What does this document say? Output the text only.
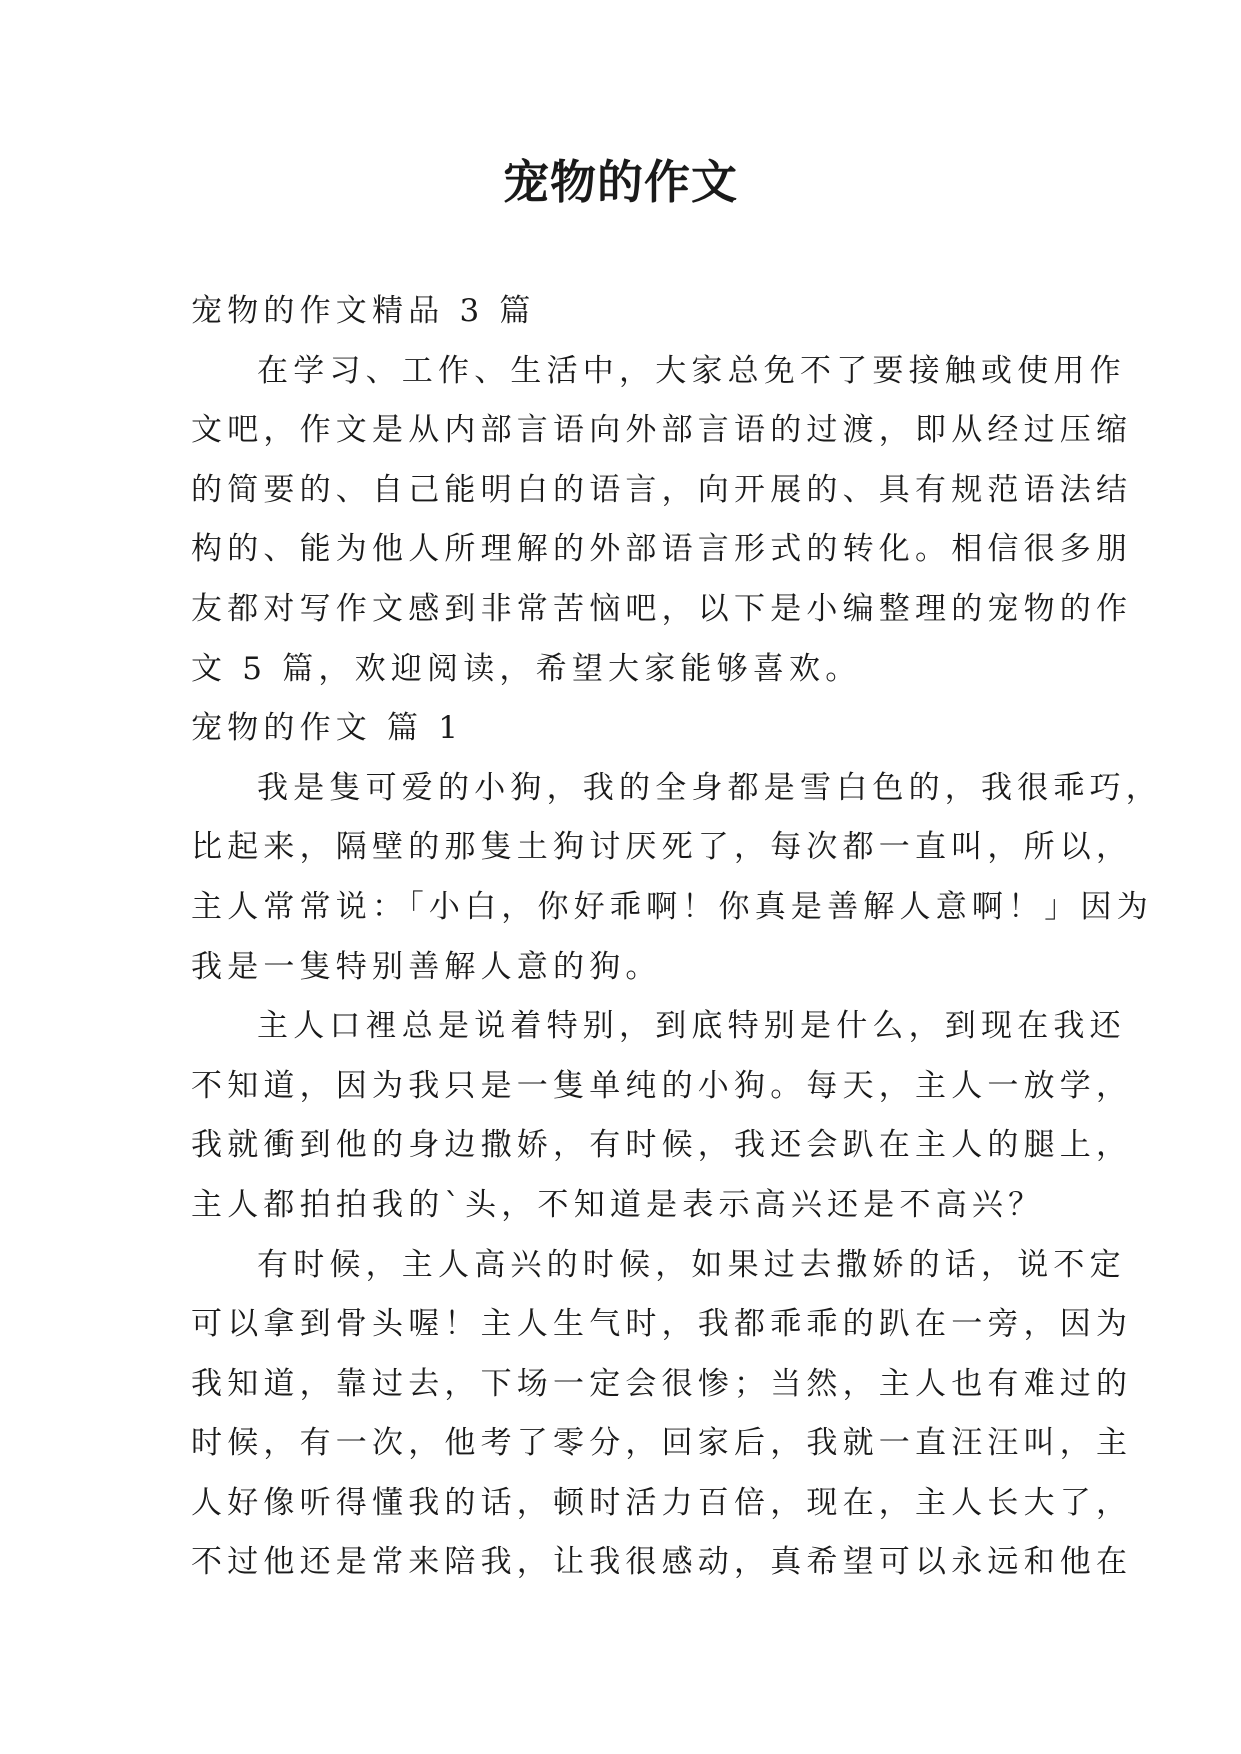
宠物的作文

宠物的作文精品 3 篇

在学习、工作、生活中，大家总免不了要接触或使用作

文吧，作文是从内部言语向外部言语的过渡，即从经过压缩

的简要的、自己能明白的语言，向开展的、具有规范语法结

构的、能为他人所理解的外部语言形式的转化。相信很多朋

友都对写作文感到非常苦恼吧，以下是小编整理的宠物的作

文 5 篇，欢迎阅读，希望大家能够喜欢。

宠物的作文 篇 1

我是隻可爱的小狗，我的全身都是雪白色的，我很乖巧，

比起来，隔壁的那隻土狗讨厌死了，每次都一直叫，所以，

主人常常说：「小白，你好乖啊！你真是善解人意啊！」因为

我是一隻特别善解人意的狗。

主人口裡总是说着特别，到底特别是什么，到现在我还

不知道，因为我只是一隻单纯的小狗。每天，主人一放学，

我就衝到他的身边撒娇，有时候，我还会趴在主人的腿上，

主人都拍拍我的`头，不知道是表示高兴还是不高兴？

有时候，主人高兴的时候，如果过去撒娇的话，说不定

可以拿到骨头喔！主人生气时，我都乖乖的趴在一旁，因为

我知道，靠过去，下场一定会很惨；当然，主人也有难过的

时候，有一次，他考了零分，回家后，我就一直汪汪叫，主

人好像听得懂我的话，顿时活力百倍，现在，主人长大了，

不过他还是常来陪我，让我很感动，真希望可以永远和他在
